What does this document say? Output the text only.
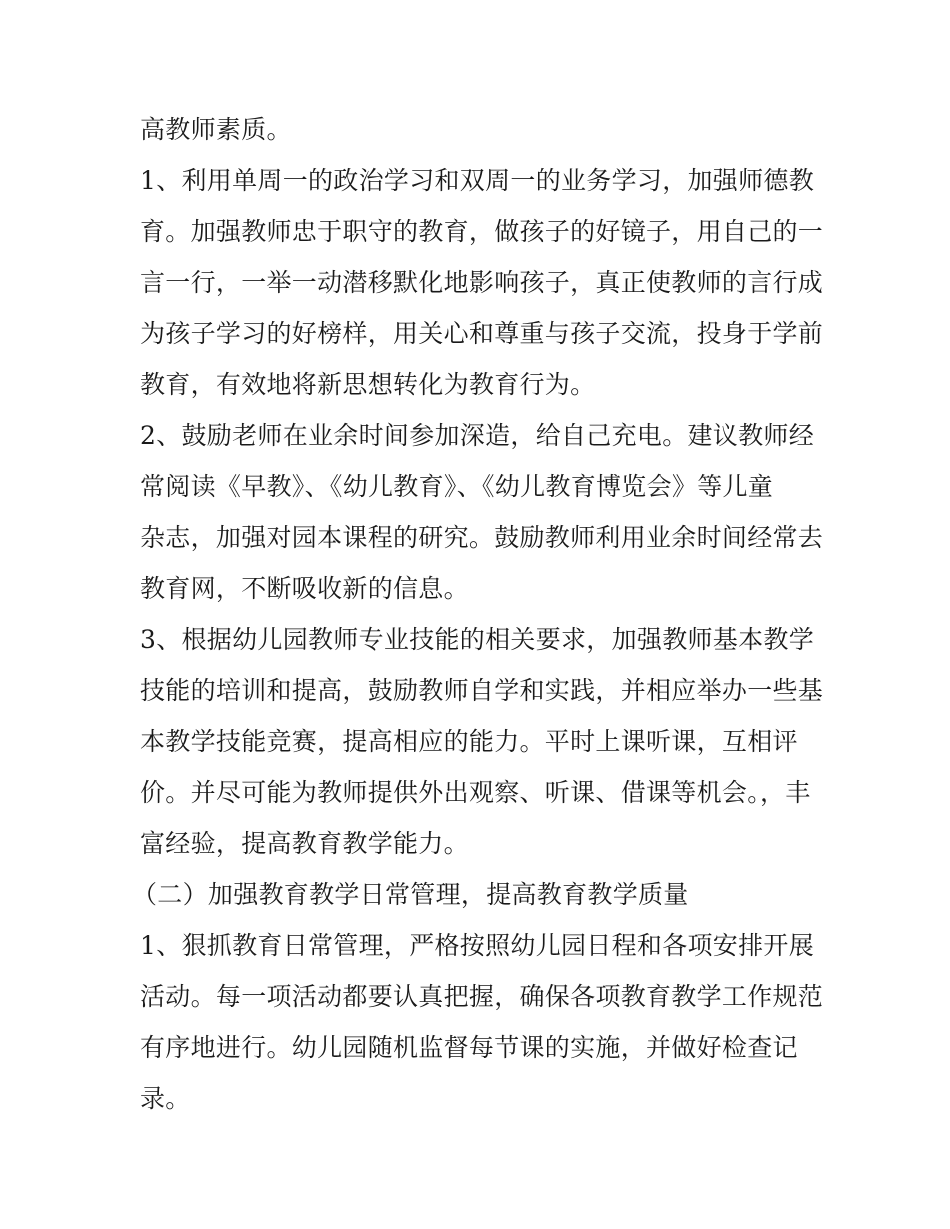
高教师素质。
1、利用单周一的政治学习和双周一的业务学习，加强师德教
育。加强教师忠于职守的教育，做孩子的好镜子，用自己的一
言一行，一举一动潜移默化地影响孩子，真正使教师的言行成
为孩子学习的好榜样，用关心和尊重与孩子交流，投身于学前
教育，有效地将新思想转化为教育行为。
2、鼓励老师在业余时间参加深造，给自己充电。建议教师经
常阅读《早教》、《幼儿教育》、《幼儿教育博览会》等儿童
杂志，加强对园本课程的研究。鼓励教师利用业余时间经常去
教育网，不断吸收新的信息。
3、根据幼儿园教师专业技能的相关要求，加强教师基本教学
技能的培训和提高，鼓励教师自学和实践，并相应举办一些基
本教学技能竞赛，提高相应的能力。平时上课听课，互相评
价。并尽可能为教师提供外出观察、听课、借课等机会。，丰
富经验，提高教育教学能力。
（二）加强教育教学日常管理，提高教育教学质量
1、狠抓教育日常管理，严格按照幼儿园日程和各项安排开展
活动。每一项活动都要认真把握，确保各项教育教学工作规范
有序地进行。幼儿园随机监督每节课的实施，并做好检查记
录。
